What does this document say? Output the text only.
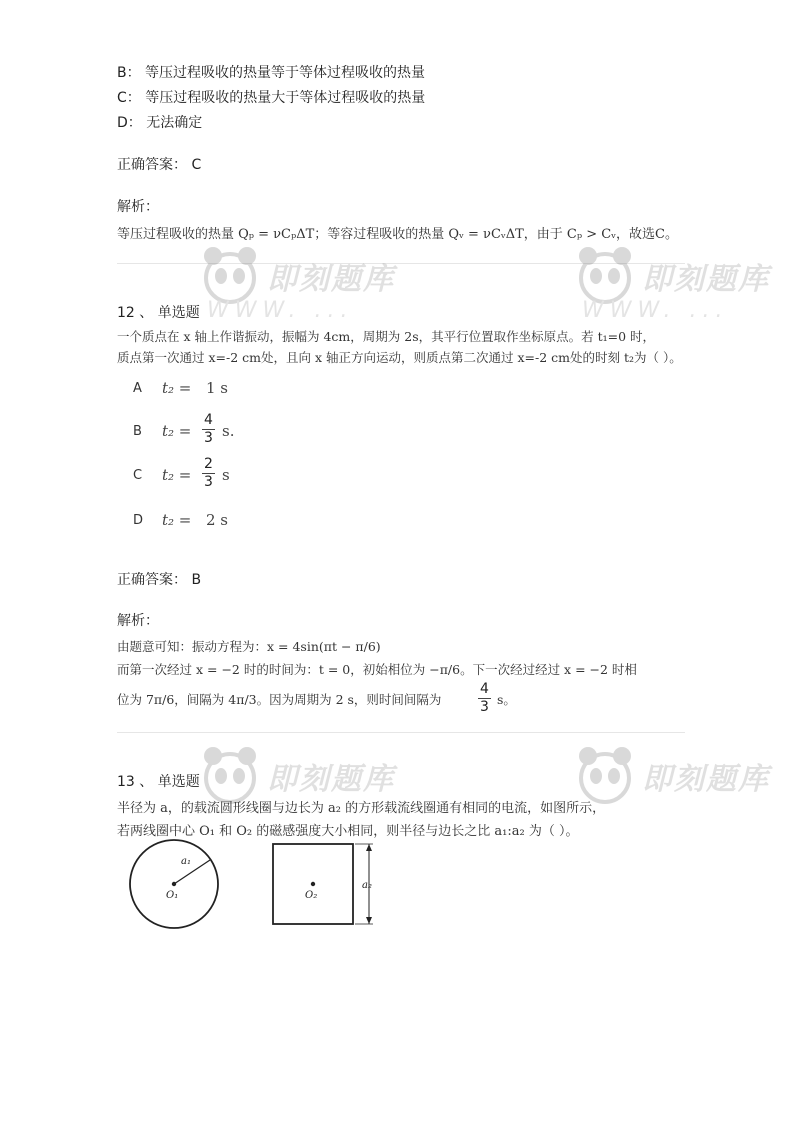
B： 等压过程吸收的热量等于等体过程吸收的热量
C： 等压过程吸收的热量大于等体过程吸收的热量
D： 无法确定
正确答案： C
解析：
等压过程吸收的热量 Qₚ = νCₚΔT；等容过程吸收的热量 Qᵥ = νCᵥΔT，由于 Cₚ > Cᵥ，故选C。
即刻题库
WWW. ...
即刻题库
WWW. ...
12 、 单选题
一个质点在 x 轴上作谐振动，振幅为 4cm，周期为 2s，其平行位置取作坐标原点。若 t₁=0 时，
质点第一次通过 x=-2 cm处，且向 x 轴正方向运动，则质点第二次通过 x=-2 cm处的时刻 t₂为（ ）。
A t₂ = 1 s
B $t_2 = \frac{4}{3} s$.
C $t_2 = \frac{2}{3}$ s
D t₂ = 2 s
正确答案： B
解析：
由题意可知：振动方程为：x = 4sin(πt − π/6)
而第一次经过 x = −2 时的时间为：t = 0，初始相位为 −π/6。下一次经过经过 x = −2 时相
位为 7π/6，间隔为 4π/3。因为周期为 2 s，则时间间隔为	$\frac{4}{3}$ s。
即刻题库	即刻题库
13 、 单选题
半径为 a，的载流圆形线圈与边长为 a₂ 的方形载流线圈通有相同的电流，如图所示，
若两线圈中心 O₁ 和 O₂ 的磁感强度大小相同，则半径与边长之比 a₁:a₂ 为（ ）。
a₁
O₁	O₂
a₂
